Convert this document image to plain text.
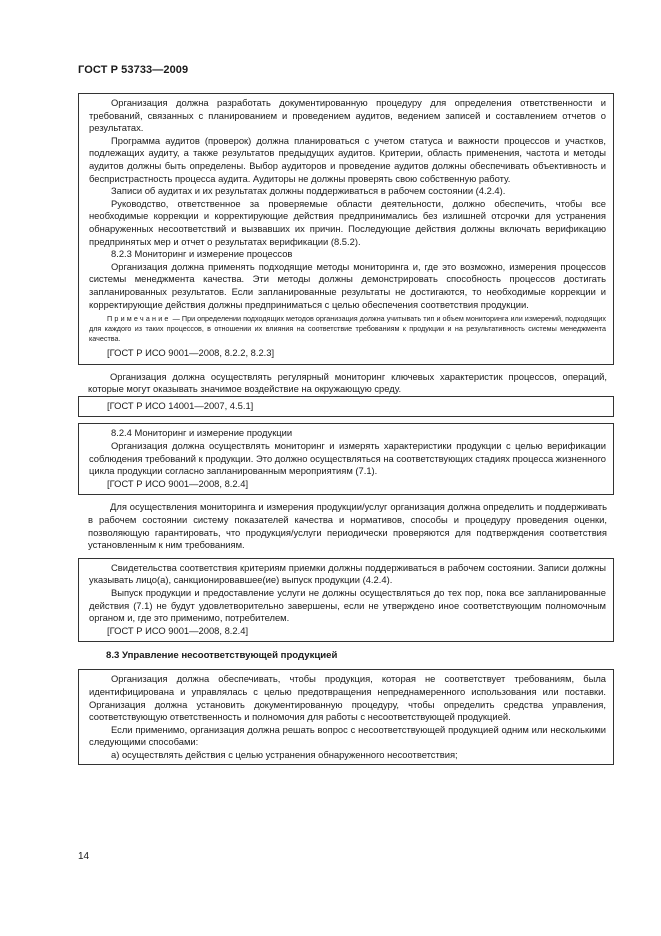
ГОСТ Р 53733—2009

Организация должна разработать документированную процедуру для определения ответственности и требований, связанных с планированием и проведением аудитов, ведением записей и составлением отчетов о результатах.

Программа аудитов (проверок) должна планироваться с учетом статуса и важности процессов и участков, подлежащих аудиту, а также результатов предыдущих аудитов. Критерии, область применения, частота и методы аудитов должны быть определены. Выбор аудиторов и проведение аудитов должны обеспечивать объективность и беспристрастность процесса аудита. Аудиторы не должны проверять свою собственную работу.

Записи об аудитах и их результатах должны поддерживаться в рабочем состоянии (4.2.4).

Руководство, ответственное за проверяемые области деятельности, должно обеспечить, чтобы все необходимые коррекции и корректирующие действия предпринимались без излишней отсрочки для устранения обнаруженных несоответствий и вызвавших их причин. Последующие действия должны включать верификацию предпринятых мер и отчет о результатах верификации (8.5.2).

8.2.3 Мониторинг и измерение процессов

Организация должна применять подходящие методы мониторинга и, где это возможно, измерения процессов системы менеджмента качества. Эти методы должны демонстрировать способность процессов достигать запланированных результатов. Если запланированные результаты не достигаются, то необходимые коррекции и корректирующие действия должны предприниматься с целью обеспечения соответствия продукции.

Примечание — При определении подходящих методов организация должна учитывать тип и объем мониторинга или измерений, подходящих для каждого из таких процессов, в отношении их влияния на соответствие требованиям к продукции и на результативность системы менеджмента качества.

[ГОСТ Р ИСО 9001—2008, 8.2.2, 8.2.3]

Организация должна осуществлять регулярный мониторинг ключевых характеристик процессов, операций, которые могут оказывать значимое воздействие на окружающую среду.

[ГОСТ Р ИСО 14001—2007, 4.5.1]

8.2.4 Мониторинг и измерение продукции

Организация должна осуществлять мониторинг и измерять характеристики продукции с целью верификации соблюдения требований к продукции. Это должно осуществляться на соответствующих стадиях процесса жизненного цикла продукции согласно запланированным мероприятиям (7.1).

[ГОСТ Р ИСО 9001—2008, 8.2.4]

Для осуществления мониторинга и измерения продукции/услуг организация должна определить и поддерживать в рабочем состоянии систему показателей качества и нормативов, способы и процедуру проведения оценки, позволяющую гарантировать, что продукция/услуги периодически проверяются для подтверждения соответствия установленным к ним требованиям.

Свидетельства соответствия критериям приемки должны поддерживаться в рабочем состоянии. Записи должны указывать лицо(а), санкционировавшее(ие) выпуск продукции (4.2.4).

Выпуск продукции и предоставление услуги не должны осуществляться до тех пор, пока все запланированные действия (7.1) не будут удовлетворительно завершены, если не утверждено иное соответствующим полномочным органом и, где это применимо, потребителем.

[ГОСТ Р ИСО 9001—2008, 8.2.4]

8.3 Управление несоответствующей продукцией

Организация должна обеспечивать, чтобы продукция, которая не соответствует требованиям, была идентифицирована и управлялась с целью предотвращения непреднамеренного использования или поставки. Организация должна установить документированную процедуру, чтобы определить средства управления, соответствующую ответственность и полномочия для работы с несоответствующей продукцией.

Если применимо, организация должна решать вопрос с несоответствующей продукцией одним или несколькими следующими способами:

а) осуществлять действия с целью устранения обнаруженного несоответствия;

14
